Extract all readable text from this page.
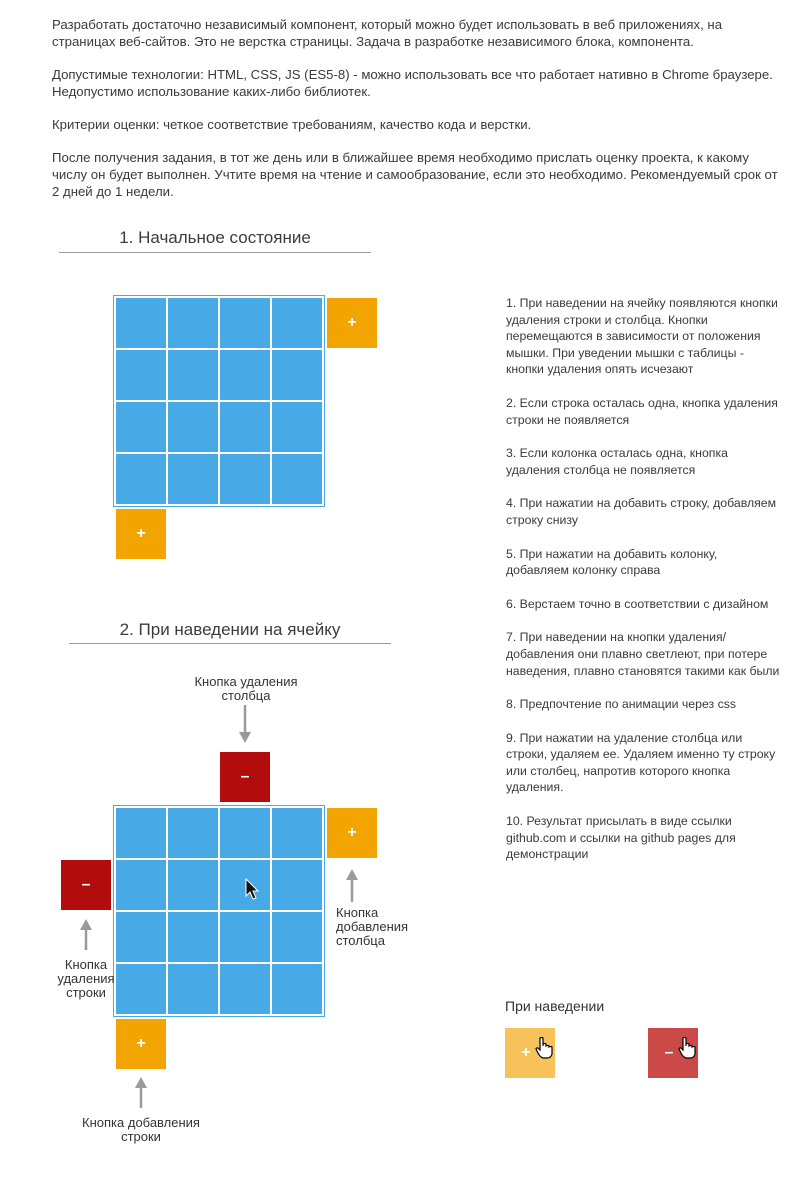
Разработать достаточно независимый компонент, который можно будет использовать в веб приложениях, на страницах веб-сайтов. Это не верстка страницы. Задача в разработке независимого блока, компонента.

Допустимые технологии: HTML, CSS, JS (ES5-8) - можно использовать все что работает нативно в Chrome браузере. Недопустимо использование каких-либо библиотек.

Критерии оценки: четкое соответствие требованиям, качество кода и верстки.

После получения задания, в тот же день или в ближайшее время необходимо прислать оценку проекта, к какому числу он будет выполнен. Учтите время на чтение и самообразование, если это необходимо. Рекомендуемый срок от 2 дней до 1 недели.

1. Начальное состояние
+
+
2. При наведении на ячейку
Кнопка удаления
столбца
–
+
–
+
Кнопка
добавления
столбца
Кнопка
удаления
строки
Кнопка добавления
строки
1. При наведении на ячейку появляются кнопки удаления строки и столбца. Кнопки перемещаются в зависимости от положения мышки. При уведении мышки с таблицы - кнопки удаления опять исчезают
2. Если строка осталась одна, кнопка удаления строки не появляется
3. Если колонка осталась одна, кнопка удаления столбца не появляется
4. При нажатии на добавить строку, добавляем строку снизу
5. При нажатии на добавить колонку, добавляем колонку справа
6. Верстаем точно в соответствии с дизайном
7. При наведении на кнопки удаления/добавления они плавно светлеют, при потере наведения, плавно становятся такими как были
8. Предпочтение по анимации через css
9. При нажатии на удаление столбца или строки, удаляем ее. Удаляем именно ту строку или столбец, напротив которого кнопка удаления.
10. Результат присылать в виде ссылки github.com и ссылки на github pages для демонстрации
При наведении
+	–
